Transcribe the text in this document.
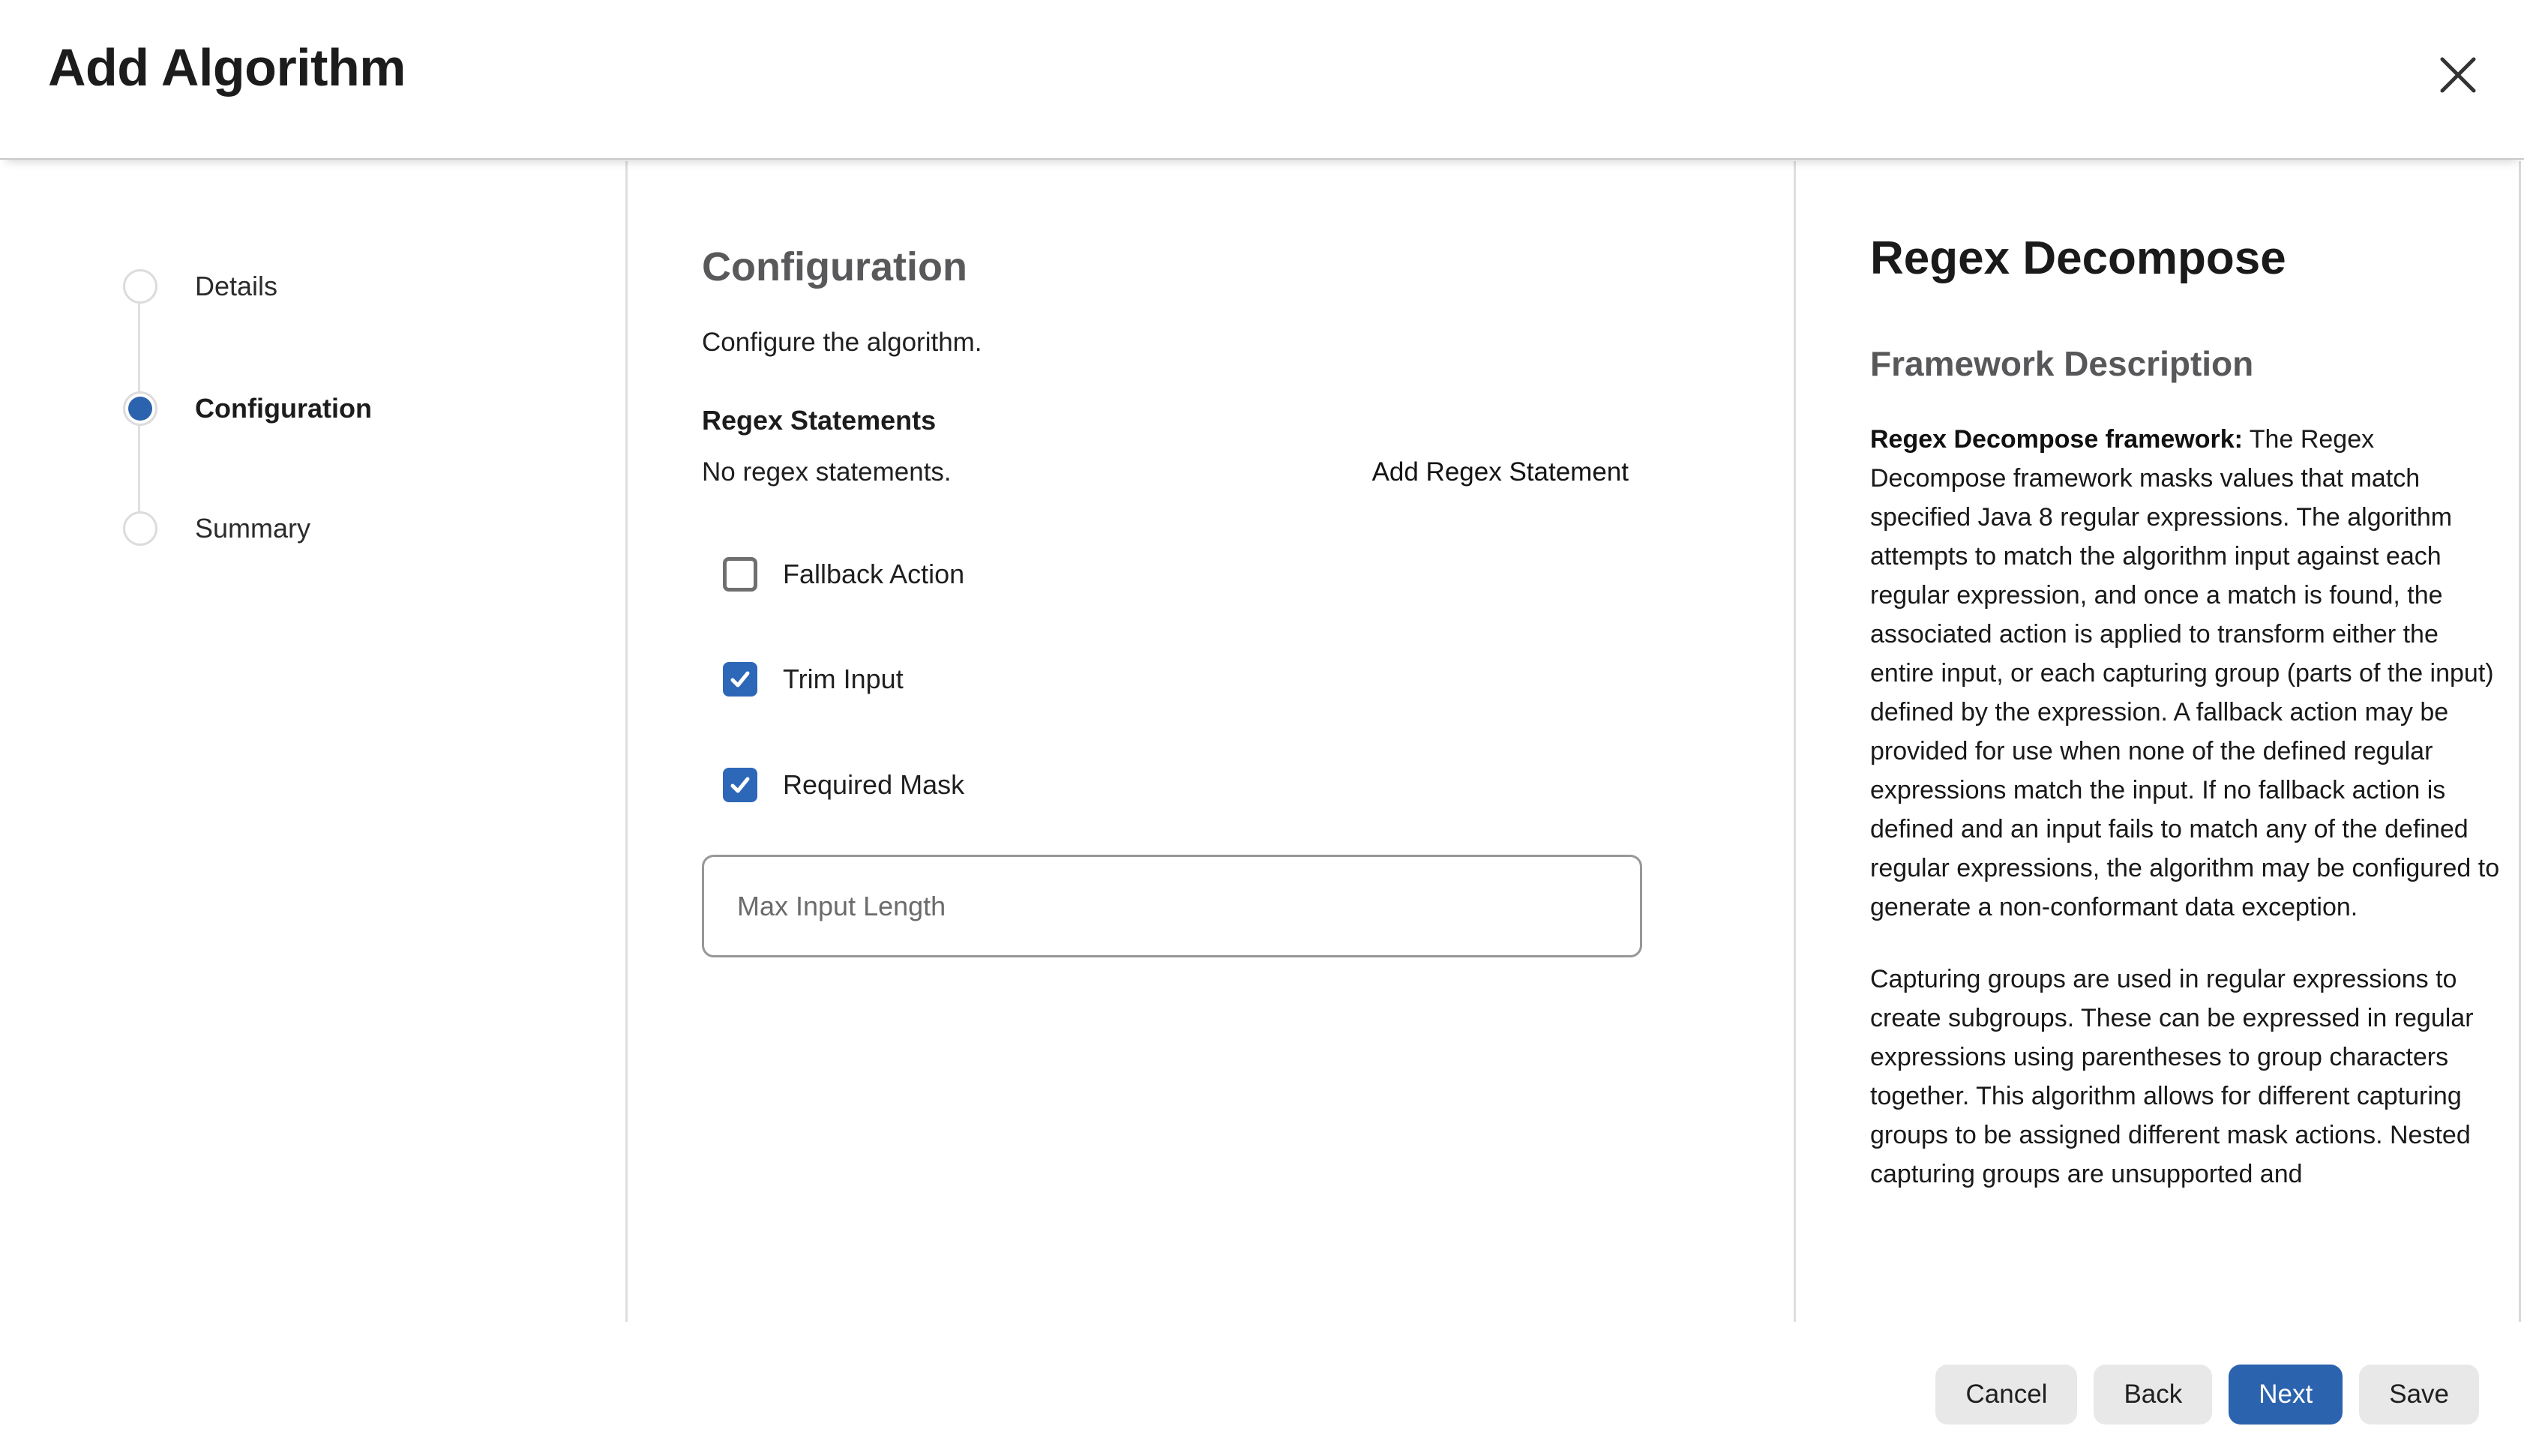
Add Algorithm
Details
Configuration
Summary
Configuration
Configure the algorithm.
Regex Statements
No regex statements.	Add Regex Statement
Fallback Action
Trim Input
Required Mask
Max Input Length
Regex Decompose
Framework Description

Regex Decompose framework: The Regex Decompose framework masks values that match specified Java 8 regular expressions. The algorithm attempts to match the algorithm input against each regular expression, and once a match is found, the associated action is applied to transform either the entire input, or each capturing group (parts of the input) defined by the expression. A fallback action may be provided for use when none of the defined regular expressions match the input. If no fallback action is defined and an input fails to match any of the defined regular expressions, the algorithm may be configured to generate a non-conformant data exception.

Capturing groups are used in regular expressions to create subgroups. These can be expressed in regular expressions using parentheses to group characters together. This algorithm allows for different capturing groups to be assigned different mask actions. Nested capturing groups are unsupported and

Cancel	Back	Next	Save
